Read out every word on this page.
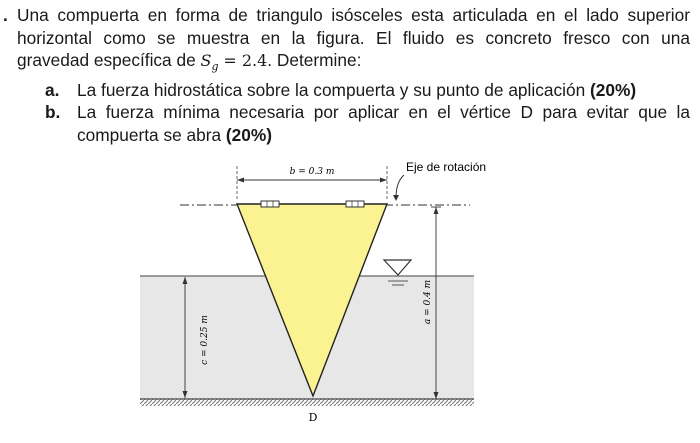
. Una compuerta en forma de triangulo isósceles esta articulada en el lado superior
horizontal como se muestra en la figura. El fluido es concreto fresco con una
gravedad específica de $S_g = 2.4$. Determine:
a. La fuerza hidrostática sobre la compuerta y su punto de aplicación (20%)
b. La fuerza mínima necesaria por aplicar en el vértice D para evitar que la
compuerta se abra (20%)
b = 0.3 m	Eje de rotación
a = 0.4 m
c = 0.25 m
D
